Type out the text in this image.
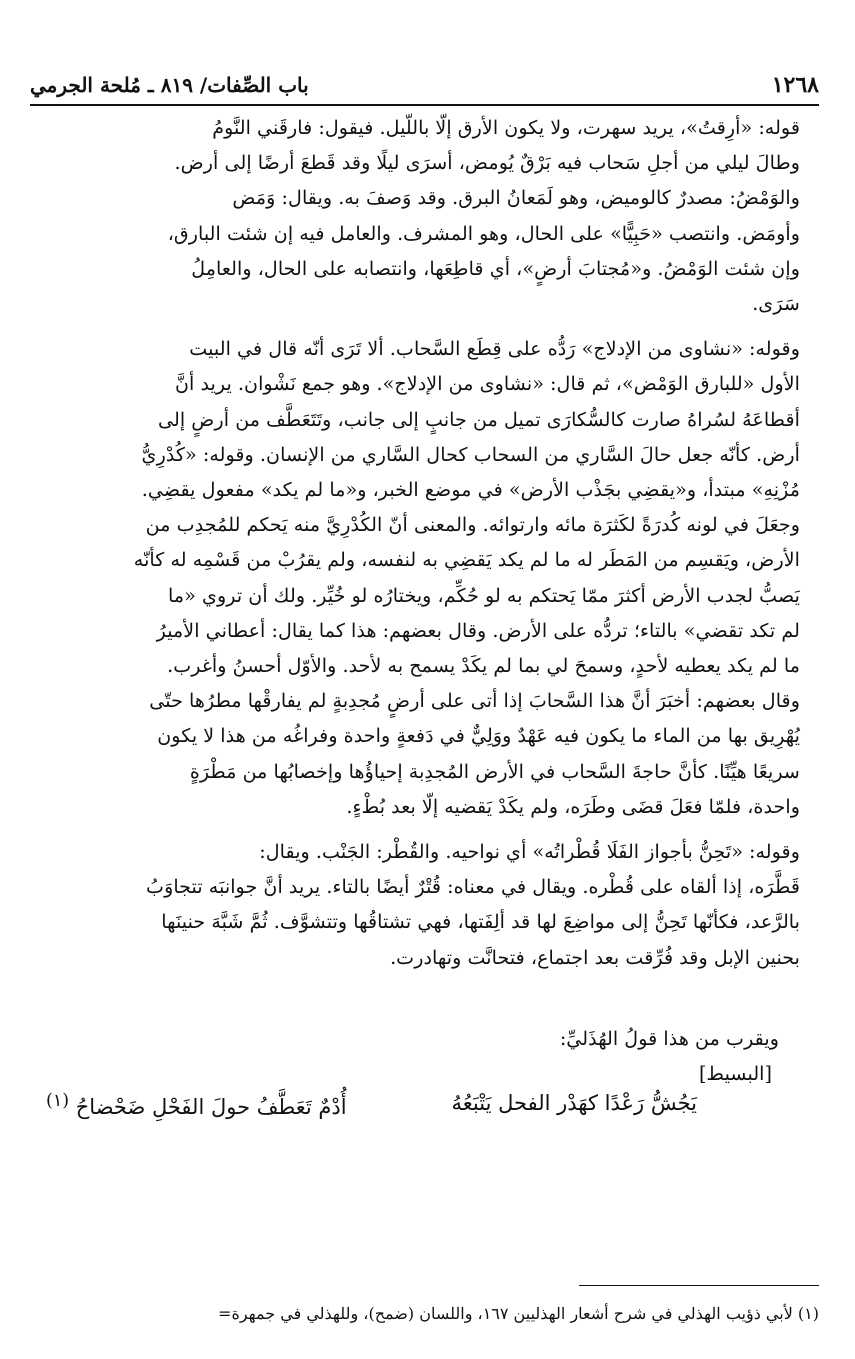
باب الصِّفات/ ٨١٩ ـ مُلحة الجرمي	١٢٦٨

قوله: «أرِقتُ»، يريد سهرت، ولا يكون الأرق إلّا باللّيل. فيقول: فارقَني النَّومُ
وطالَ ليلي من أجلِ سَحاب فيه بَرْقٌ يُومض، أسرَى ليلًا وقد قَطعَ أرضًا إلى أرض.
والوَمْضُ: مصدرٌ كالوميض، وهو لَمَعانُ البرق. وقد وَصفَ به. ويقال: وَمَض
وأومَض. وانتصب «حَبِيًّا» على الحال، وهو المشرف. والعامل فيه إن شئت البارق،
وإن شئت الوَمْضُ. و«مُجتابَ أرضٍ»، أي قاطِعَها، وانتصابه على الحال، والعامِلُ
سَرَى.

وقوله: «نشاوى من الإدلاج» رَدُّه على قِطَع السَّحاب. ألا تَرَى أنّه قال في البيت
الأول «للبارق الوَمْض»، ثم قال: «نشاوى من الإدلاج». وهو جمع نَشْوان. يريد أنَّ
أقطاعَهُ لسُراهُ صارت كالسُّكارَى تميل من جانبٍ إلى جانب، وتَتَعَطَّف من أرضٍ إلى
أرض. كأنّه جعل حالَ السَّاري من السحاب كحال السَّاري من الإنسان. وقوله: «كُدْرِيُّ
مُزْنِهِ» مبتدأ، و«يقضِي بجَذْب الأرض» في موضع الخبر، و«ما لم يكد» مفعول يقضِي.
وجعَلَ في لونه كُدرَةً لكَثرَة مائه وارتوائه. والمعنى أنّ الكُدْرِيَّ منه يَحكم للمُجدِب من
الأرض، ويَقسِم من المَطَر له ما لم يكد يَقضِي به لنفسه، ولم يقرُبْ من قَسْمِه له كأنّه
يَصبُّ لجدب الأرض أكثرَ ممّا يَحتكم به لو حُكِّم، ويختارُه لو خُيِّر. ولك أن تروي «ما
لم تكد تقضي» بالتاء؛ تردُّه على الأرض. وقال بعضهم: هذا كما يقال: أعطاني الأميرُ
ما لم يكد يعطيه لأحدٍ، وسمحَ لي بما لم يكَدْ يسمح به لأحد. والأوّل أحسنُ وأغرب.
وقال بعضهم: أخبَرَ أنَّ هذا السَّحابَ إذا أتى على أرضٍ مُجدِبةٍ لم يفارقْها مطرُها حتّى
يُهْرِيق بها من الماء ما يكون فيه عَهْدٌ ووَلِيٌّ في دَفعةٍ واحدة وفراغُه من هذا لا يكون
سريعًا هيِّنًا. كأنَّ حاجةَ السَّحاب في الأرض المُجدِبة إحياؤُها وإخصابُها من مَطْرَةٍ
واحدة، فلمّا فعَلَ قضَى وطَرَه، ولم يكَدْ يَقضيه إلّا بعد بُطْءٍ.

وقوله: «تَحِنُّ بأجواز الفَلَا قُطْراتُه» أي نواحيه. والقُطْر: الجَنْب. ويقال:
قَطَّرَه، إذا ألقاه على قُطْره. ويقال في معناه: قُتْرٌ أيضًا بالتاء. يريد أنَّ جوانبَه تتجاوَبُ
بالرَّعد، فكأنّها تَحِنُّ إلى مواضِعَ لها قد ألِفَتها، فهي تشتاقُها وتتشوَّف. ثُمَّ شَبَّهَ حنينَها
بحنين الإبل وقد فُرِّقت بعد اجتماع، فتحانَّت وتهادرت.

ويقرب من هذا قولُ الهُذَليِّ:
[البسيط]

يَجُشُّ رَعْدًا كهَدْر الفحل يَتْبَعُهُ
أُدْمٌ تَعَطَّفُ حولَ الفَحْلِ ضَحْضاحُ $^{(١)}$
(١) لأبي ذؤيب الهذلي في شرح أشعار الهذليين ١٦٧، واللسان (ضمح)، وللهذلي في جمهرة=
